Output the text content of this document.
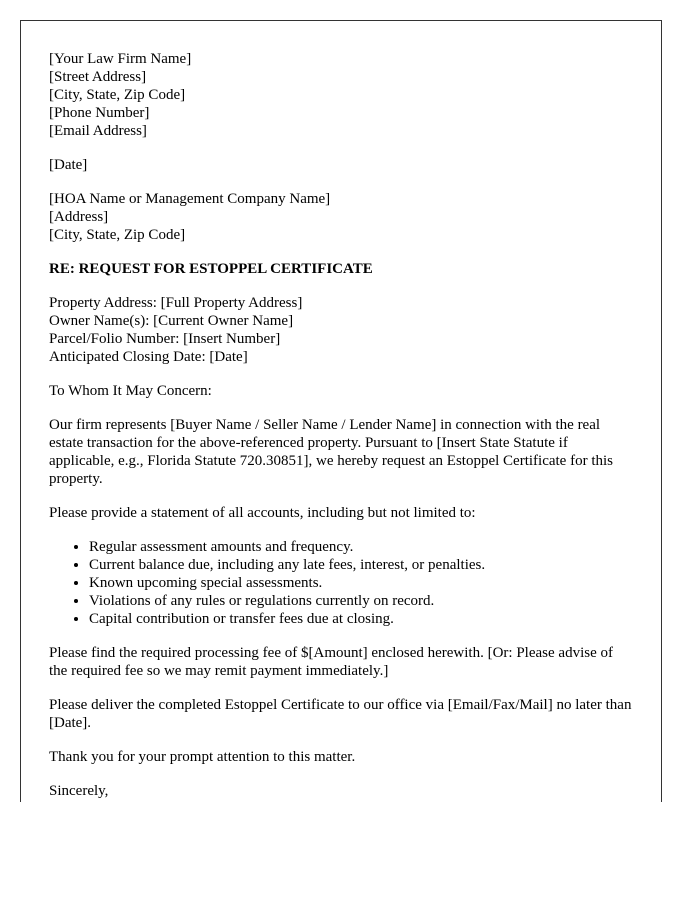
[Your Law Firm Name]
[Street Address]
[City, State, Zip Code]
[Phone Number]
[Email Address]
[Date]
[HOA Name or Management Company Name]
[Address]
[City, State, Zip Code]
RE: REQUEST FOR ESTOPPEL CERTIFICATE
Property Address: [Full Property Address]
Owner Name(s): [Current Owner Name]
Parcel/Folio Number: [Insert Number]
Anticipated Closing Date: [Date]

To Whom It May Concern:

Our firm represents [Buyer Name / Seller Name / Lender Name] in connection with the real estate transaction for the above-referenced property. Pursuant to [Insert State Statute if applicable, e.g., Florida Statute 720.30851], we hereby request an Estoppel Certificate for this property.

Please provide a statement of all accounts, including but not limited to:

• Regular assessment amounts and frequency.
• Current balance due, including any late fees, interest, or penalties.
• Known upcoming special assessments.
• Violations of any rules or regulations currently on record.
• Capital contribution or transfer fees due at closing.

Please find the required processing fee of $[Amount] enclosed herewith. [Or: Please advise of the required fee so we may remit payment immediately.]

Please deliver the completed Estoppel Certificate to our office via [Email/Fax/Mail] no later than [Date].

Thank you for your prompt attention to this matter.

Sincerely,
